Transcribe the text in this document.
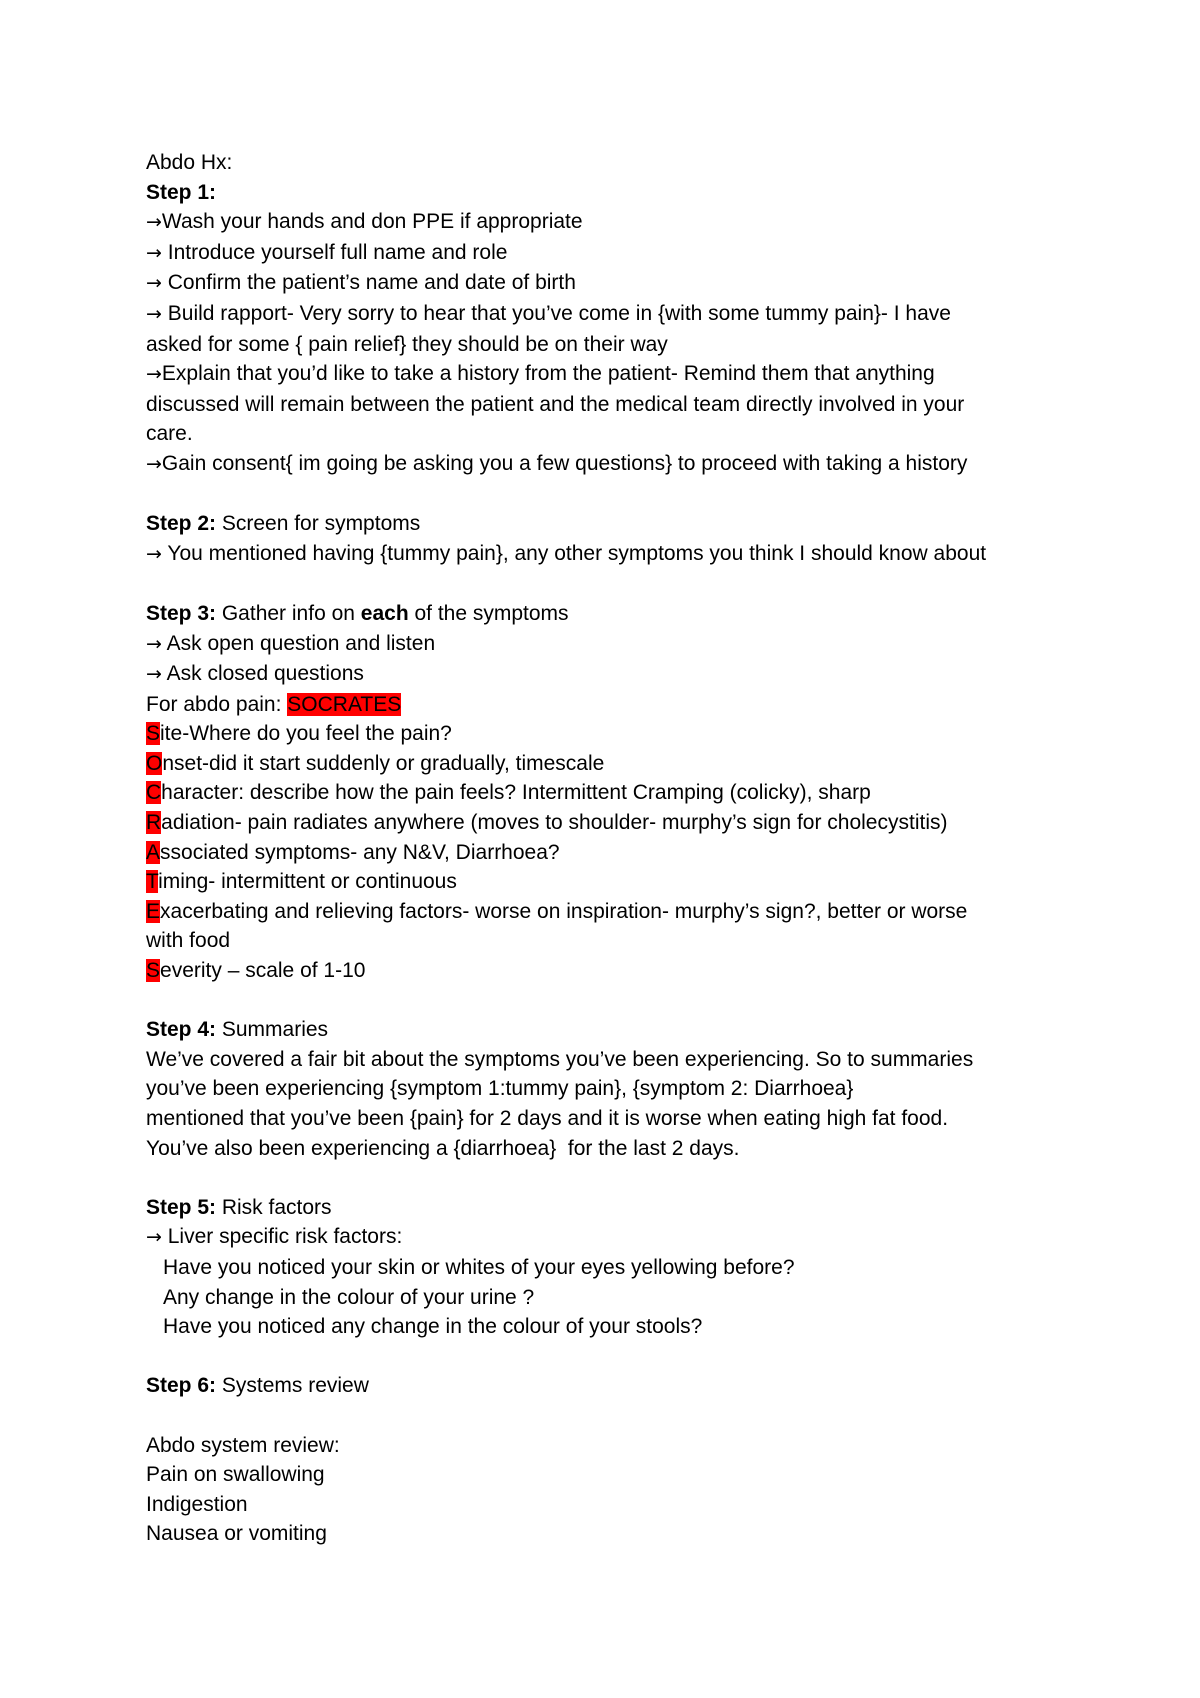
Abdo Hx:
Step 1:
→Wash your hands and don PPE if appropriate
→ Introduce yourself full name and role
→ Confirm the patient’s name and date of birth
→ Build rapport- Very sorry to hear that you’ve come in {with some tummy pain}- I have
asked for some { pain relief} they should be on their way
→Explain that you’d like to take a history from the patient- Remind them that anything
discussed will remain between the patient and the medical team directly involved in your
care.
→Gain consent{ im going be asking you a few questions} to proceed with taking a history
Step 2: Screen for symptoms
→ You mentioned having {tummy pain}, any other symptoms you think I should know about
Step 3: Gather info on each of the symptoms
→ Ask open question and listen
→ Ask closed questions
For abdo pain: SOCRATES
Site-Where do you feel the pain?
Onset-did it start suddenly or gradually, timescale
Character: describe how the pain feels? Intermittent Cramping (colicky), sharp
Radiation- pain radiates anywhere (moves to shoulder- murphy’s sign for cholecystitis)
Associated symptoms- any N&V, Diarrhoea?
Timing- intermittent or continuous
Exacerbating and relieving factors- worse on inspiration- murphy’s sign?, better or worse
with food
Severity – scale of 1-10
Step 4: Summaries
We’ve covered a fair bit about the symptoms you’ve been experiencing. So to summaries
you’ve been experiencing {symptom 1:tummy pain}, {symptom 2: Diarrhoea}
mentioned that you’ve been {pain} for 2 days and it is worse when eating high fat food.
You’ve also been experiencing a {diarrhoea}  for the last 2 days.
Step 5: Risk factors
→ Liver specific risk factors:
Have you noticed your skin or whites of your eyes yellowing before?
Any change in the colour of your urine ?
Have you noticed any change in the colour of your stools?
Step 6: Systems review
Abdo system review:
Pain on swallowing
Indigestion
Nausea or vomiting
